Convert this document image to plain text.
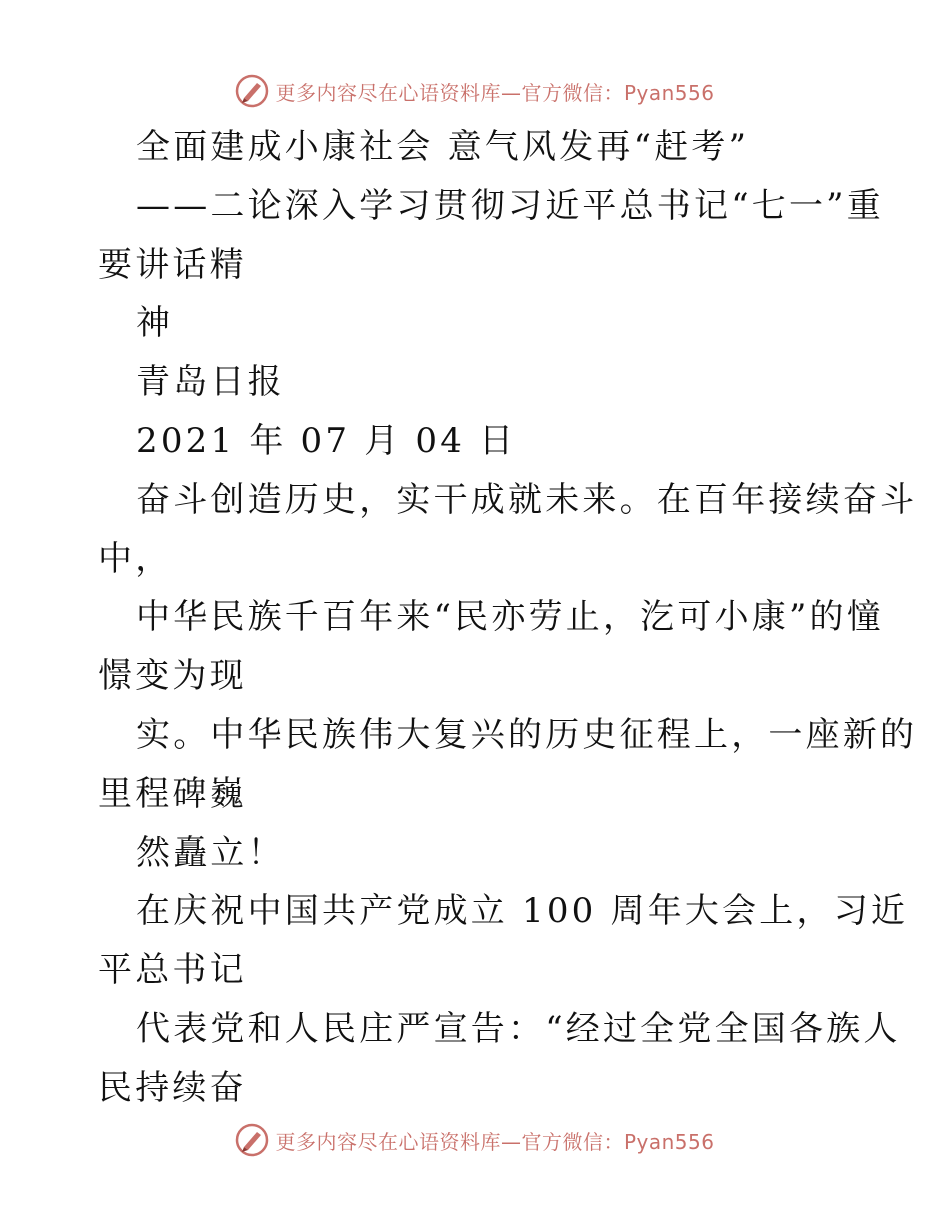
更多内容尽在心语资料库—官方微信：Pyan556
全面建成小康社会 意气风发再“赶考”
——二论深入学习贯彻习近平总书记“七一”重
要讲话精
神
青岛日报
2021 年 07 月 04 日
奋斗创造历史，实干成就未来。在百年接续奋斗
中，
中华民族千百年来“民亦劳止，汔可小康”的憧
憬变为现
实。中华民族伟大复兴的历史征程上，一座新的
里程碑巍
然矗立！
在庆祝中国共产党成立 100 周年大会上，习近
平总书记
代表党和人民庄严宣告：“经过全党全国各族人
民持续奋
更多内容尽在心语资料库—官方微信：Pyan556
